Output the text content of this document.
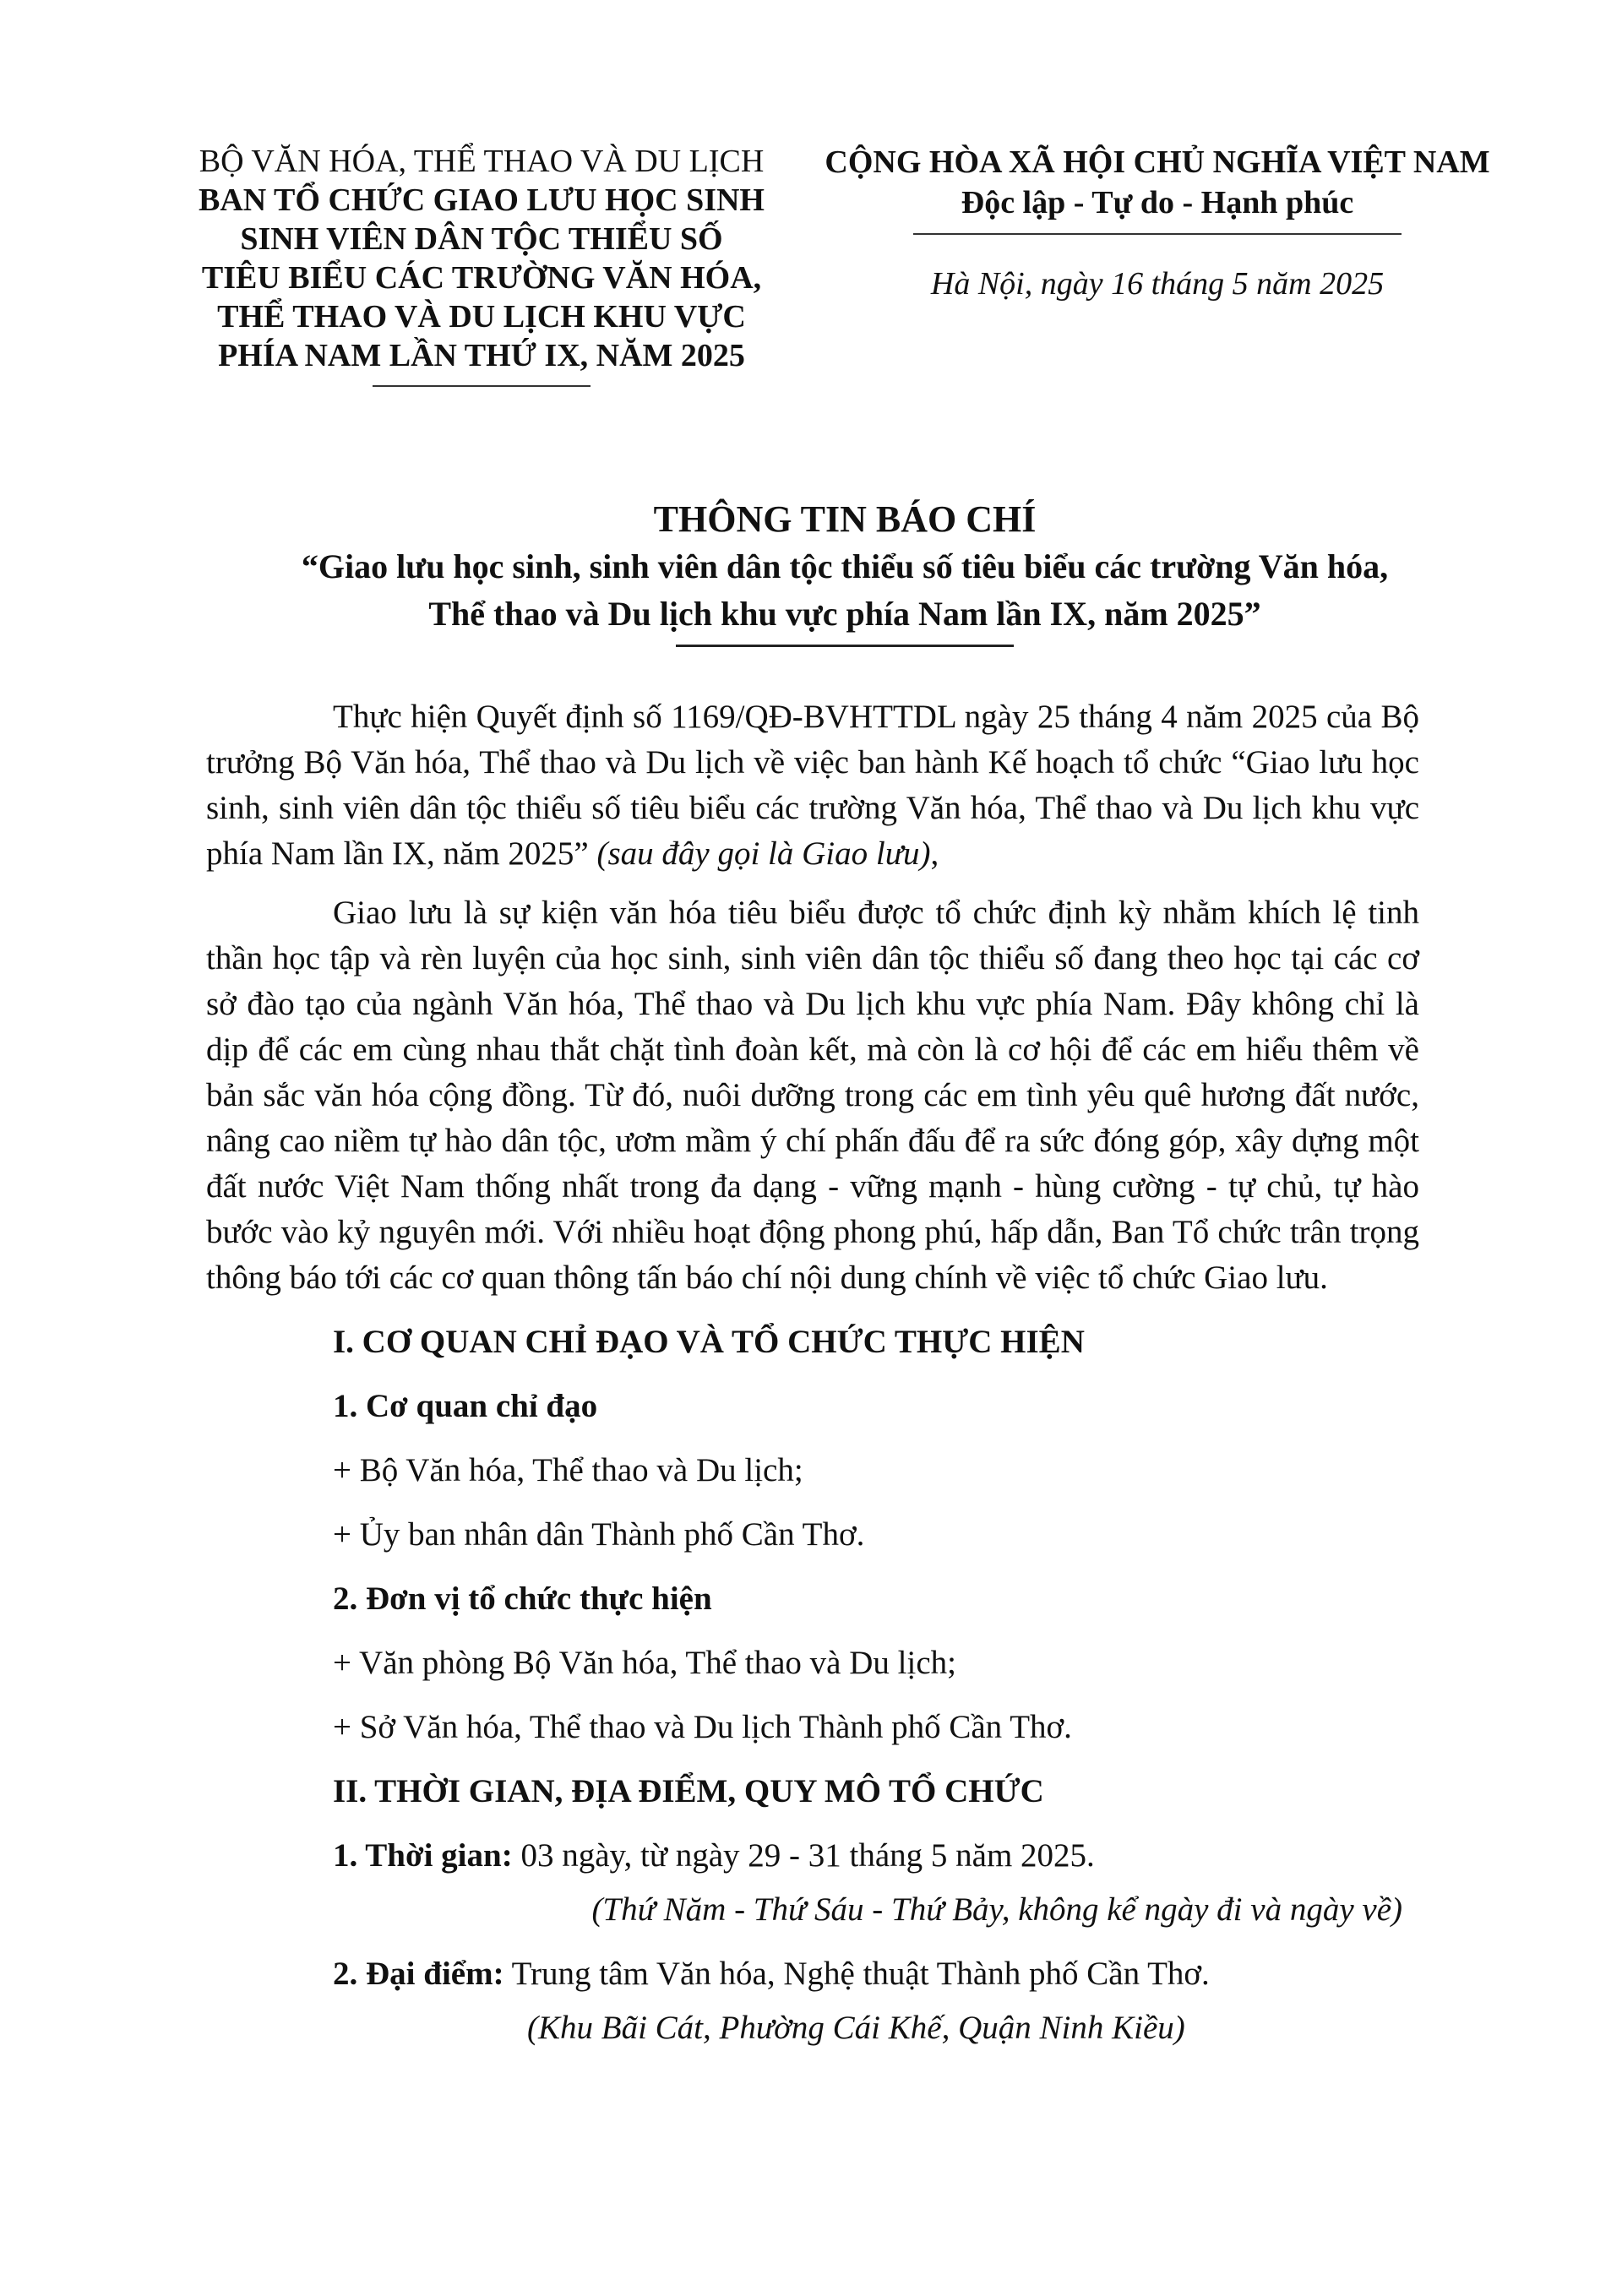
BỘ VĂN HÓA, THỂ THAO VÀ DU LỊCH
BAN TỔ CHỨC GIAO LƯU HỌC SINH
SINH VIÊN DÂN TỘC THIỂU SỐ
TIÊU BIỂU CÁC TRƯỜNG VĂN HÓA,
THỂ THAO VÀ DU LỊCH KHU VỰC
PHÍA NAM LẦN THỨ IX, NĂM 2025
CỘNG HÒA XÃ HỘI CHỦ NGHĨA VIỆT NAM
Độc lập - Tự do - Hạnh phúc
Hà Nội, ngày 16 tháng 5 năm 2025
THÔNG TIN BÁO CHÍ
“Giao lưu học sinh, sinh viên dân tộc thiểu số tiêu biểu các trường Văn hóa,
Thể thao và Du lịch khu vực phía Nam lần IX, năm 2025”

Thực hiện Quyết định số 1169/QĐ-BVHTTDL ngày 25 tháng 4 năm 2025 của Bộ trưởng Bộ Văn hóa, Thể thao và Du lịch về việc ban hành Kế hoạch tổ chức “Giao lưu học sinh, sinh viên dân tộc thiểu số tiêu biểu các trường Văn hóa, Thể thao và Du lịch khu vực phía Nam lần IX, năm 2025” (sau đây gọi là Giao lưu),

Giao lưu là sự kiện văn hóa tiêu biểu được tổ chức định kỳ nhằm khích lệ tinh thần học tập và rèn luyện của học sinh, sinh viên dân tộc thiểu số đang theo học tại các cơ sở đào tạo của ngành Văn hóa, Thể thao và Du lịch khu vực phía Nam. Đây không chỉ là dịp để các em cùng nhau thắt chặt tình đoàn kết, mà còn là cơ hội để các em hiểu thêm về bản sắc văn hóa cộng đồng. Từ đó, nuôi dưỡng trong các em tình yêu quê hương đất nước, nâng cao niềm tự hào dân tộc, ươm mầm ý chí phấn đấu để ra sức đóng góp, xây dựng một đất nước Việt Nam thống nhất trong đa dạng - vững mạnh - hùng cường - tự chủ, tự hào bước vào kỷ nguyên mới. Với nhiều hoạt động phong phú, hấp dẫn, Ban Tổ chức trân trọng thông báo tới các cơ quan thông tấn báo chí nội dung chính về việc tổ chức Giao lưu.

I. CƠ QUAN CHỈ ĐẠO VÀ TỔ CHỨC THỰC HIỆN

1. Cơ quan chỉ đạo

+ Bộ Văn hóa, Thể thao và Du lịch;

+ Ủy ban nhân dân Thành phố Cần Thơ.

2. Đơn vị tổ chức thực hiện

+ Văn phòng Bộ Văn hóa, Thể thao và Du lịch;

+ Sở Văn hóa, Thể thao và Du lịch Thành phố Cần Thơ.

II. THỜI GIAN, ĐỊA ĐIỂM, QUY MÔ TỔ CHỨC

1. Thời gian: 03 ngày, từ ngày 29 - 31 tháng 5 năm 2025.

(Thứ Năm - Thứ Sáu - Thứ Bảy, không kể ngày đi và ngày về)

2. Đại điểm: Trung tâm Văn hóa, Nghệ thuật Thành phố Cần Thơ.

(Khu Bãi Cát, Phường Cái Khế, Quận Ninh Kiều)
